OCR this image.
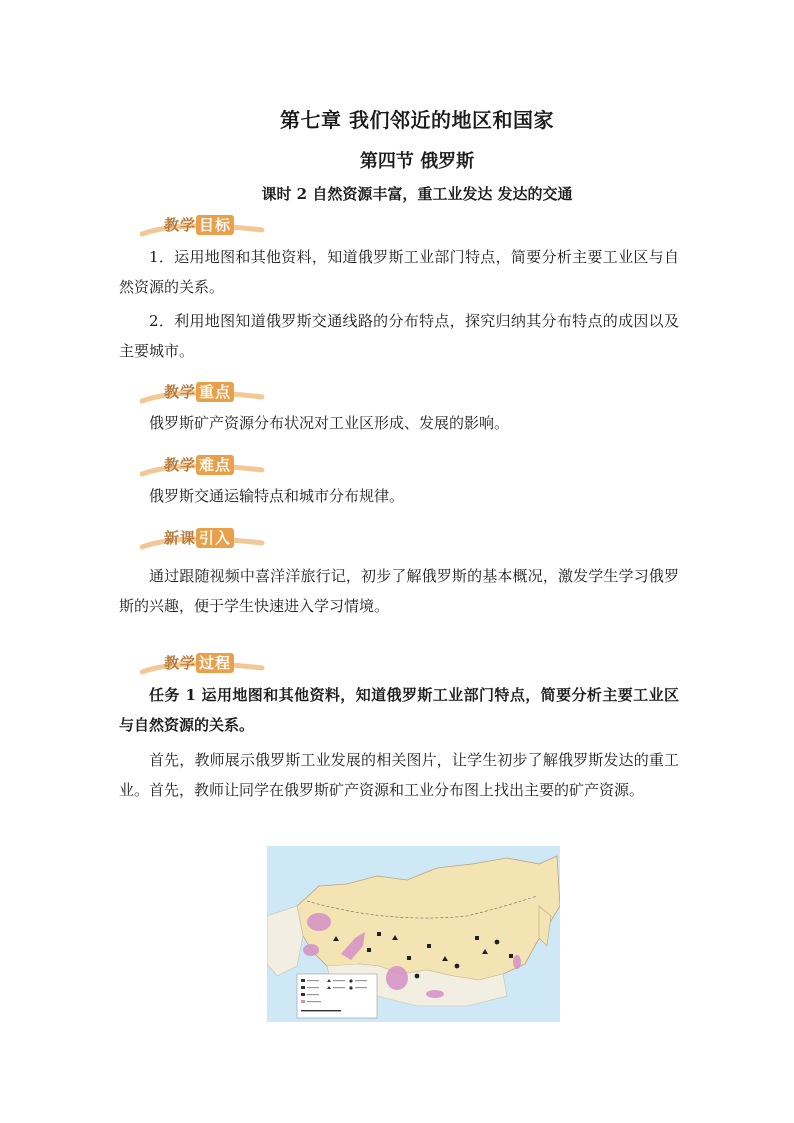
第七章 我们邻近的地区和国家
第四节 俄罗斯
课时 2 自然资源丰富，重工业发达 发达的交通
教学 目标
1．运用地图和其他资料，知道俄罗斯工业部门特点，简要分析主要工业区与自然资源的关系。
2．利用地图知道俄罗斯交通线路的分布特点，探究归纳其分布特点的成因以及主要城市。
教学 重点
俄罗斯矿产资源分布状况对工业区形成、发展的影响。
教学 难点
俄罗斯交通运输特点和城市分布规律。
新课 引入
通过跟随视频中喜洋洋旅行记，初步了解俄罗斯的基本概况，激发学生学习俄罗斯的兴趣，便于学生快速进入学习情境。
教学 过程
任务 1 运用地图和其他资料，知道俄罗斯工业部门特点，简要分析主要工业区与自然资源的关系。
首先，教师展示俄罗斯工业发展的相关图片，让学生初步了解俄罗斯发达的重工业。首先，教师让同学在俄罗斯矿产资源和工业分布图上找出主要的矿产资源。
